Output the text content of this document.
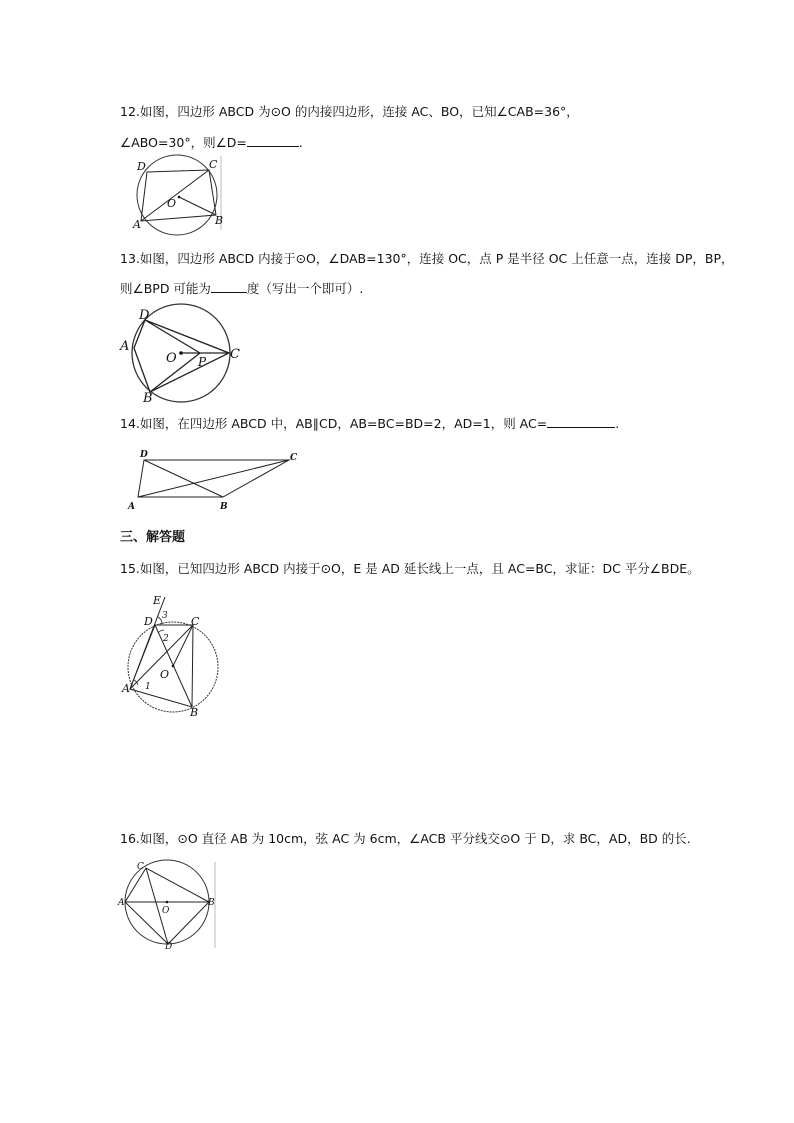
12.如图，四边形 ABCD 为⊙O 的内接四边形，连接 AC、BO，已知∠CAB=36°，
∠ABO=30°，则∠D=	.
D	C
O
A	B
13.如图，四边形 ABCD 内接于⊙O，∠DAB=130°，连接 OC，点 P 是半径 OC 上任意一点，连接 DP，BP，
则∠BPD 可能为	度（写出一个即可）.
D
A
O P C
B
14.如图，在四边形 ABCD 中，AB∥CD，AB=BC=BD=2，AD=1，则 AC=	.
D	C
A	B
三、解答题
15.如图，已知四边形 ABCD 内接于⊙O，E 是 AD 延长线上一点，且 AC=BC，求证：DC 平分∠BDE。
E
D	C
3
2
O
A 1
B
16.如图，⊙O 直径 AB 为 10cm，弦 AC 为 6cm，∠ACB 平分线交⊙O 于 D，求 BC，AD，BD 的长.
C
A
O
B
D
